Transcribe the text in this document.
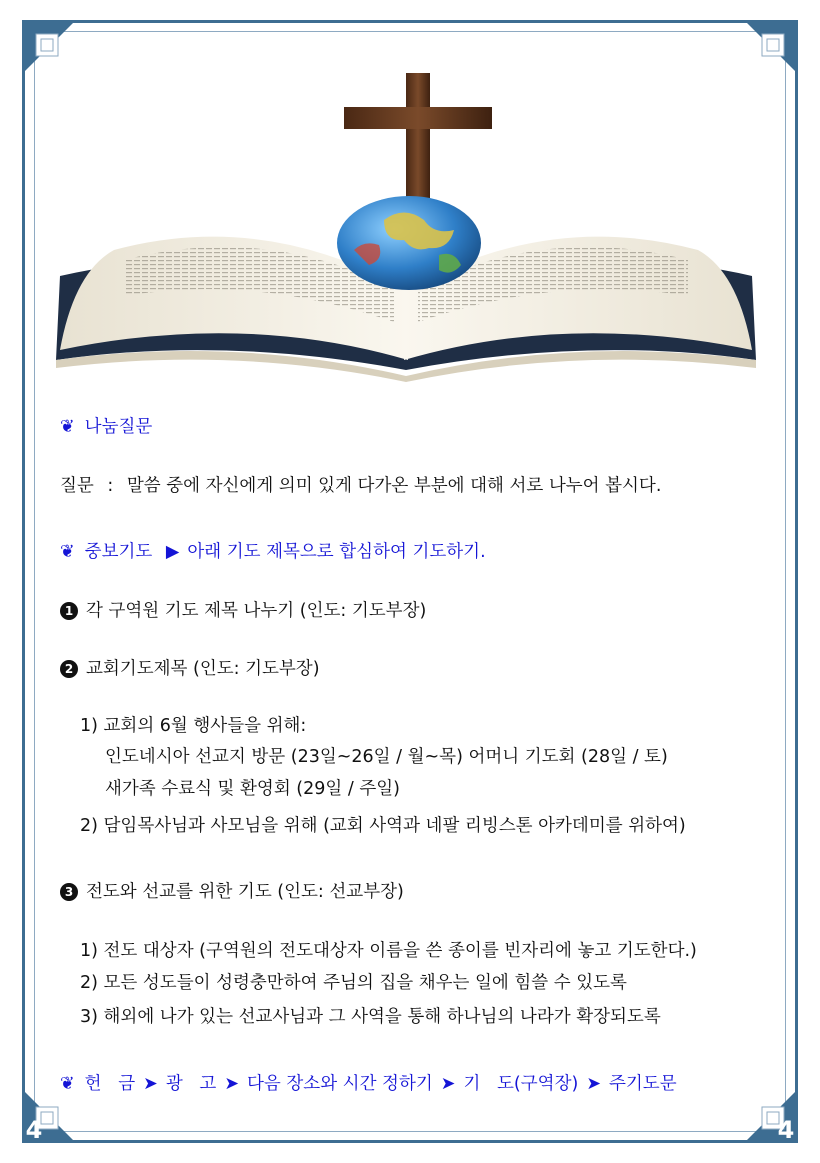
4	4
❦ 나눔질문
질문 : 말씀 중에 자신에게 의미 있게 다가온 부분에 대해 서로 나누어 봅시다.
❦ 중보기도 ▶ 아래 기도 제목으로 합심하여 기도하기.
1 각 구역원 기도 제목 나누기 (인도: 기도부장)
2 교회기도제목 (인도: 기도부장)
1) 교회의 6월 행사들을 위해:
인도네시아 선교지 방문 (23일~26일 / 월~목) 어머니 기도회 (28일 / 토)
새가족 수료식 및 환영회 (29일 / 주일)
2) 담임목사님과 사모님을 위해 (교회 사역과 네팔 리빙스톤 아카데미를 위하여)
3 전도와 선교를 위한 기도 (인도: 선교부장)
1) 전도 대상자 (구역원의 전도대상자 이름을 쓴 종이를 빈자리에 놓고 기도한다.)
2) 모든 성도들이 성령충만하여 주님의 집을 채우는 일에 힘쓸 수 있도록
3) 해외에 나가 있는 선교사님과 그 사역을 통해 하나님의 나라가 확장되도록
❦ 헌   금 ➤ 광   고 ➤ 다음 장소와 시간 정하기 ➤ 기   도(구역장) ➤ 주기도문
